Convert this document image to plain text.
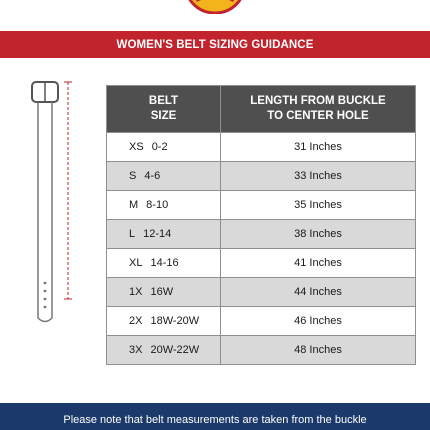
WOMEN'S BELT SIZING GUIDANCE
BELT SIZE	LENGTH FROM BUCKLE TO CENTER HOLE
XS 0-2	31 Inches
S 4-6	33 Inches
M 8-10	35 Inches
L 12-14	38 Inches
XL 14-16	41 Inches
1X 16W	44 Inches
2X 18W-20W	46 Inches
3X 20W-22W	48 Inches
Please note that belt measurements are taken from the buckle
